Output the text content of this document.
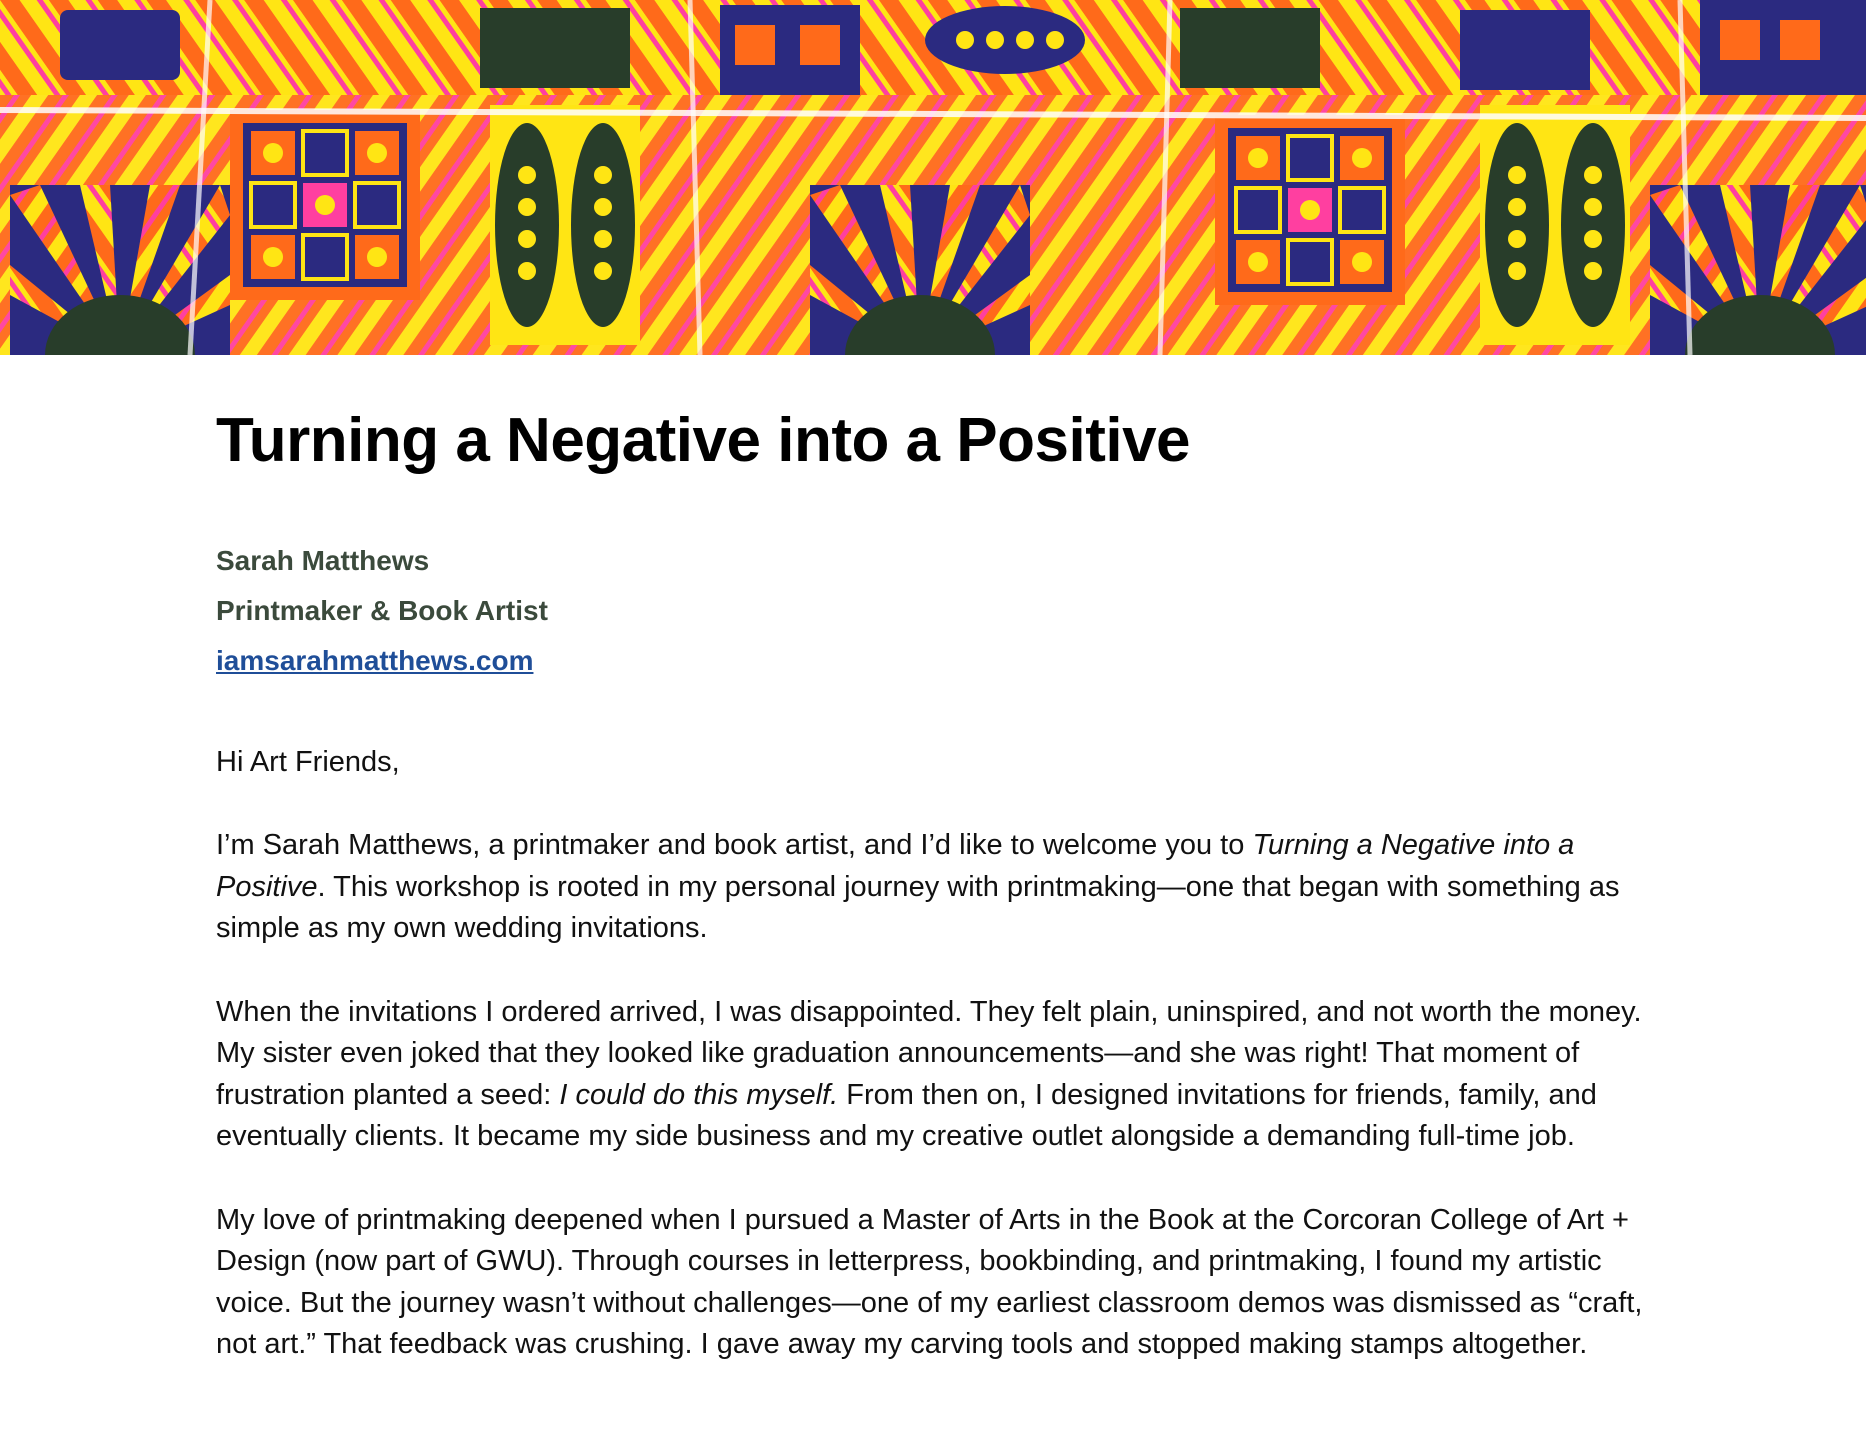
Turning a Negative into a Positive
Sarah Matthews
Printmaker & Book Artist
iamsarahmatthews.com
Hi Art Friends,

I’m Sarah Matthews, a printmaker and book artist, and I’d like to welcome you to Turning a Negative into a Positive. This workshop is rooted in my personal journey with printmaking—one that began with something as simple as my own wedding invitations.

When the invitations I ordered arrived, I was disappointed. They felt plain, uninspired, and not worth the money. My sister even joked that they looked like graduation announcements—and she was right! That moment of frustration planted a seed: I could do this myself. From then on, I designed invitations for friends, family, and eventually clients. It became my side business and my creative outlet alongside a demanding full-time job.

My love of printmaking deepened when I pursued a Master of Arts in the Book at the Corcoran College of Art + Design (now part of GWU). Through courses in letterpress, bookbinding, and printmaking, I found my artistic voice. But the journey wasn’t without challenges—one of my earliest classroom demos was dismissed as “craft, not art.” That feedback was crushing. I gave away my carving tools and stopped making stamps altogether.
